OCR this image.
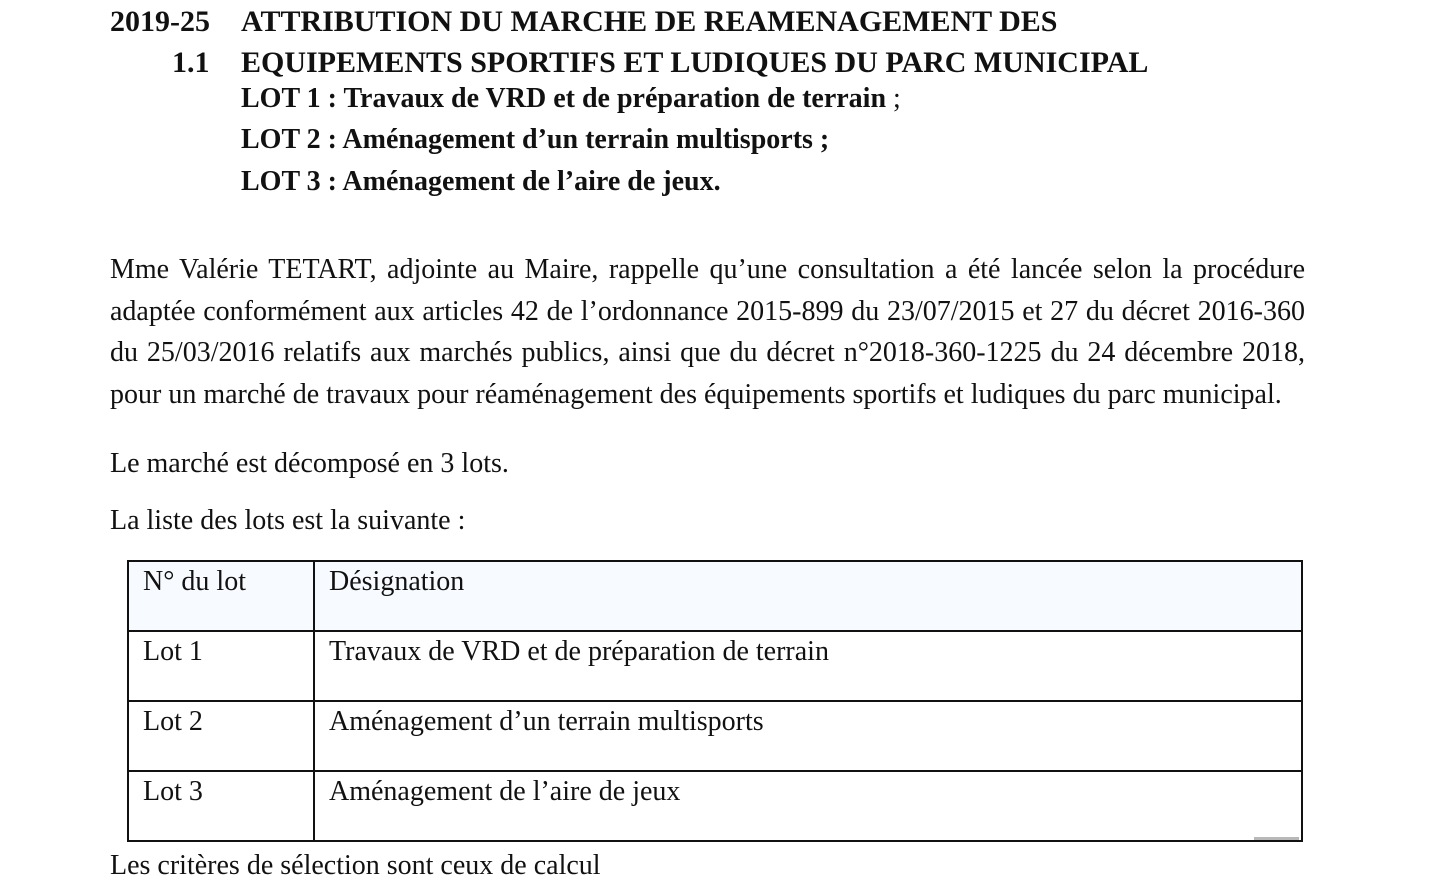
2019-25 ATTRIBUTION DU MARCHE DE REAMENAGEMENT DES
1.1 EQUIPEMENTS SPORTIFS ET LUDIQUES DU PARC MUNICIPAL
LOT 1 : Travaux de VRD et de préparation de terrain ;
LOT 2 : Aménagement d’un terrain multisports ;
LOT 3 : Aménagement de l’aire de jeux.

Mme Valérie TETART, adjointe au Maire, rappelle qu’une consultation a été lancée selon la procédure adaptée conformément aux articles 42 de l’ordonnance 2015-899 du 23/07/2015 et 27 du décret 2016-360 du 25/03/2016 relatifs aux marchés publics, ainsi que du décret n°2018-360-1225 du 24 décembre 2018, pour un marché de travaux pour réaménagement des équipements sportifs et ludiques du parc municipal.

Le marché est décomposé en 3 lots.
La liste des lots est la suivante :
N° du lot	Désignation
Lot 1	Travaux de VRD et de préparation de terrain
Lot 2	Aménagement d’un terrain multisports
Lot 3	Aménagement de l’aire de jeux
Les critères de sélection sont ceux de calcul
